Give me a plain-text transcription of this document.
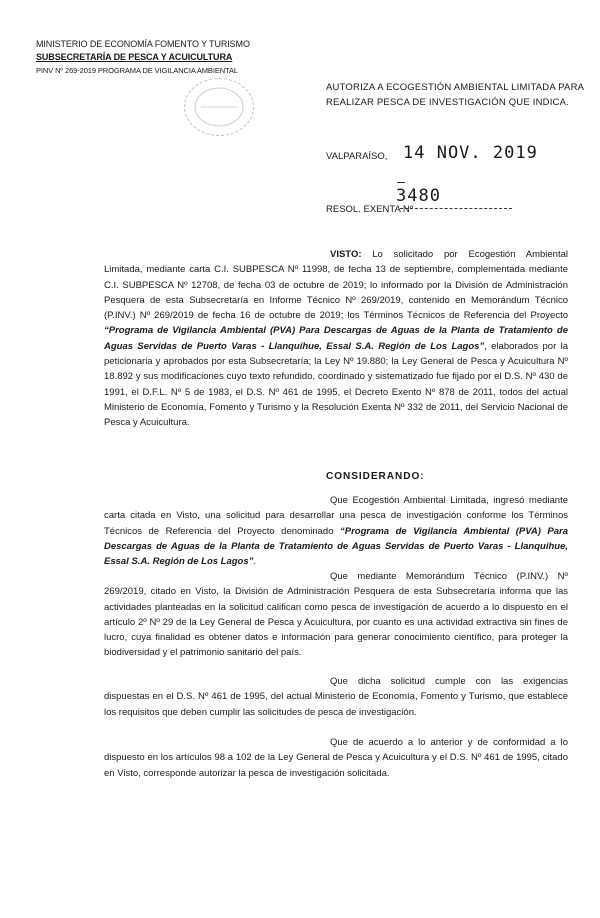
MINISTERIO DE ECONOMÍA FOMENTO Y TURISMO
SUBSECRETARÍA DE PESCA Y ACUICULTURA
PINV Nº 269-2019 PROGRAMA DE VIGILANCIA AMBIENTAL
AUTORIZA A ECOGESTIÓN AMBIENTAL LIMITADA PARA REALIZAR PESCA DE INVESTIGACIÓN QUE INDICA.
VALPARAÍSO, 14 NOV. 2019
3480
RESOL. EXENTA Nº

VISTO: Lo solicitado por Ecogestión Ambiental Limitada, mediante carta C.I. SUBPESCA Nº 11998, de fecha 13 de septiembre, complementada mediante C.I. SUBPESCA Nº 12708, de fecha 03 de octubre de 2019; lo informado por la División de Administración Pesquera de esta Subsecretaría en Informe Técnico Nº 269/2019, contenido en Memorándum Técnico (P.INV.) Nº 269/2019 de fecha 16 de octubre de 2019; los Términos Técnicos de Referencia del Proyecto “Programa de Vigilancia Ambiental (PVA) Para Descargas de Aguas de la Planta de Tratamiento de Aguas Servidas de Puerto Varas - Llanquihue, Essal S.A. Región de Los Lagos”, elaborados por la peticionaria y aprobados por esta Subsecretaría; la Ley Nº 19.880; la Ley General de Pesca y Acuicultura Nº 18.892 y sus modificaciones cuyo texto refundido, coordinado y sistematizado fue fijado por el D.S. Nº 430 de 1991, el D.F.L. Nº 5 de 1983, el D.S. Nº 461 de 1995, el Decreto Exento Nº 878 de 2011, todos del actual Ministerio de Economía, Fomento y Turismo y la Resolución Exenta Nº 332 de 2011, del Servicio Nacional de Pesca y Acuicultura.

CONSIDERANDO:

Que Ecogestión Ambiental Limitada, ingresó mediante carta citada en Visto, una solicitud para desarrollar una pesca de investigación conforme los Términos Técnicos de Referencia del Proyecto denominado “Programa de Vigilancia Ambiental (PVA) Para Descargas de Aguas de la Planta de Tratamiento de Aguas Servidas de Puerto Varas - Llanquihue, Essal S.A. Región de Los Lagos”.

Que mediante Memorándum Técnico (P.INV.) Nº 269/2019, citado en Visto, la División de Administración Pesquera de esta Subsecretaría informa que las actividades planteadas en la solicitud califican como pesca de investigación de acuerdo a lo dispuesto en el artículo 2º Nº 29 de la Ley General de Pesca y Acuicultura, por cuanto es una actividad extractiva sin fines de lucro, cuya finalidad es obtener datos e información para generar conocimiento científico, para proteger la biodiversidad y el patrimonio sanitario del país.

Que dicha solicitud cumple con las exigencias dispuestas en el D.S. Nº 461 de 1995, del actual Ministerio de Economía, Fomento y Turismo, que establece los requisitos que deben cumplir las solicitudes de pesca de investigación.

Que de acuerdo a lo anterior y de conformidad a lo dispuesto en los artículos 98 a 102 de la Ley General de Pesca y Acuicultura y el D.S. Nº 461 de 1995, citado en Visto, corresponde autorizar la pesca de investigación solicitada.
